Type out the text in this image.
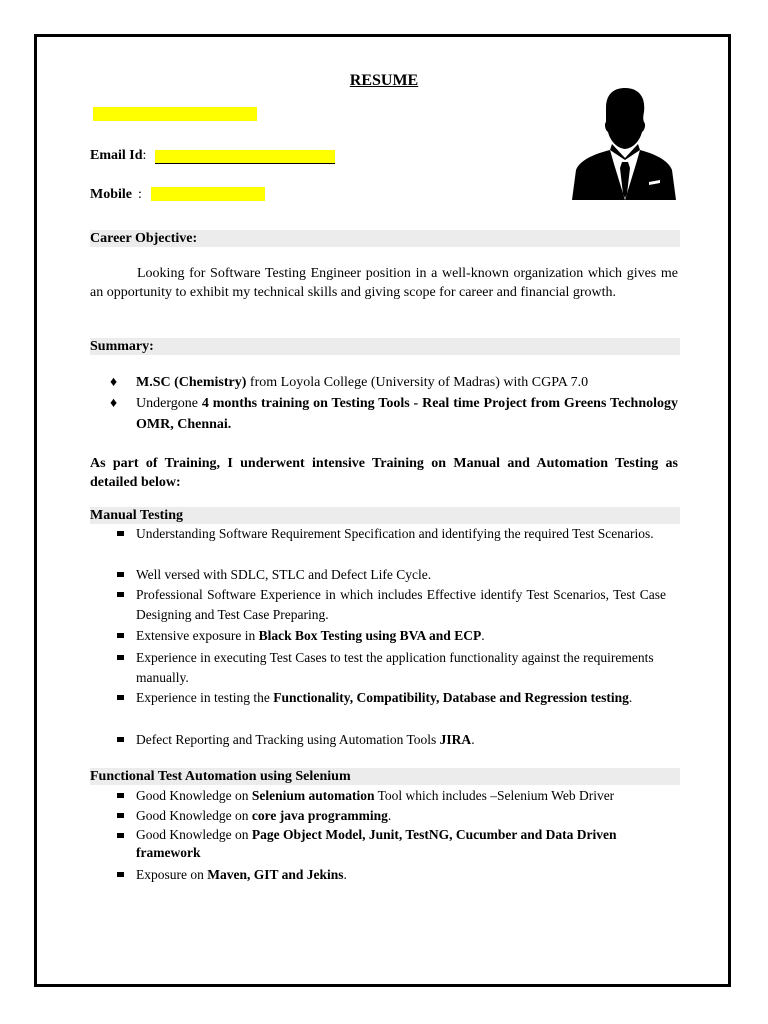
RESUME
Email Id:
Mobile :
Career Objective:
Looking for Software Testing Engineer position in a well-known organization which gives me an opportunity to exhibit my technical skills and giving scope for career and financial growth.
Summary:
♦ M.SC (Chemistry) from Loyola College (University of Madras) with CGPA 7.0
♦ Undergone 4 months training on Testing Tools - Real time Project from Greens Technology OMR, Chennai.
As part of Training, I underwent intensive Training on Manual and Automation Testing as detailed below:
Manual Testing
Understanding Software Requirement Specification and identifying the required Test Scenarios.
Well versed with SDLC, STLC and Defect Life Cycle.
Professional Software Experience in which includes Effective identify Test Scenarios, Test Case Designing and Test Case Preparing.
Extensive exposure in Black Box Testing using BVA and ECP.
Experience in executing Test Cases to test the application functionality against the requirements manually.
Experience in testing the Functionality, Compatibility, Database and Regression testing.
Defect Reporting and Tracking using Automation Tools JIRA.
Functional Test Automation using Selenium
Good Knowledge on Selenium automation Tool which includes –Selenium Web Driver
Good Knowledge on core java programming.
Good Knowledge on Page Object Model, Junit, TestNG, Cucumber and Data Driven framework
Exposure on Maven, GIT and Jekins.
